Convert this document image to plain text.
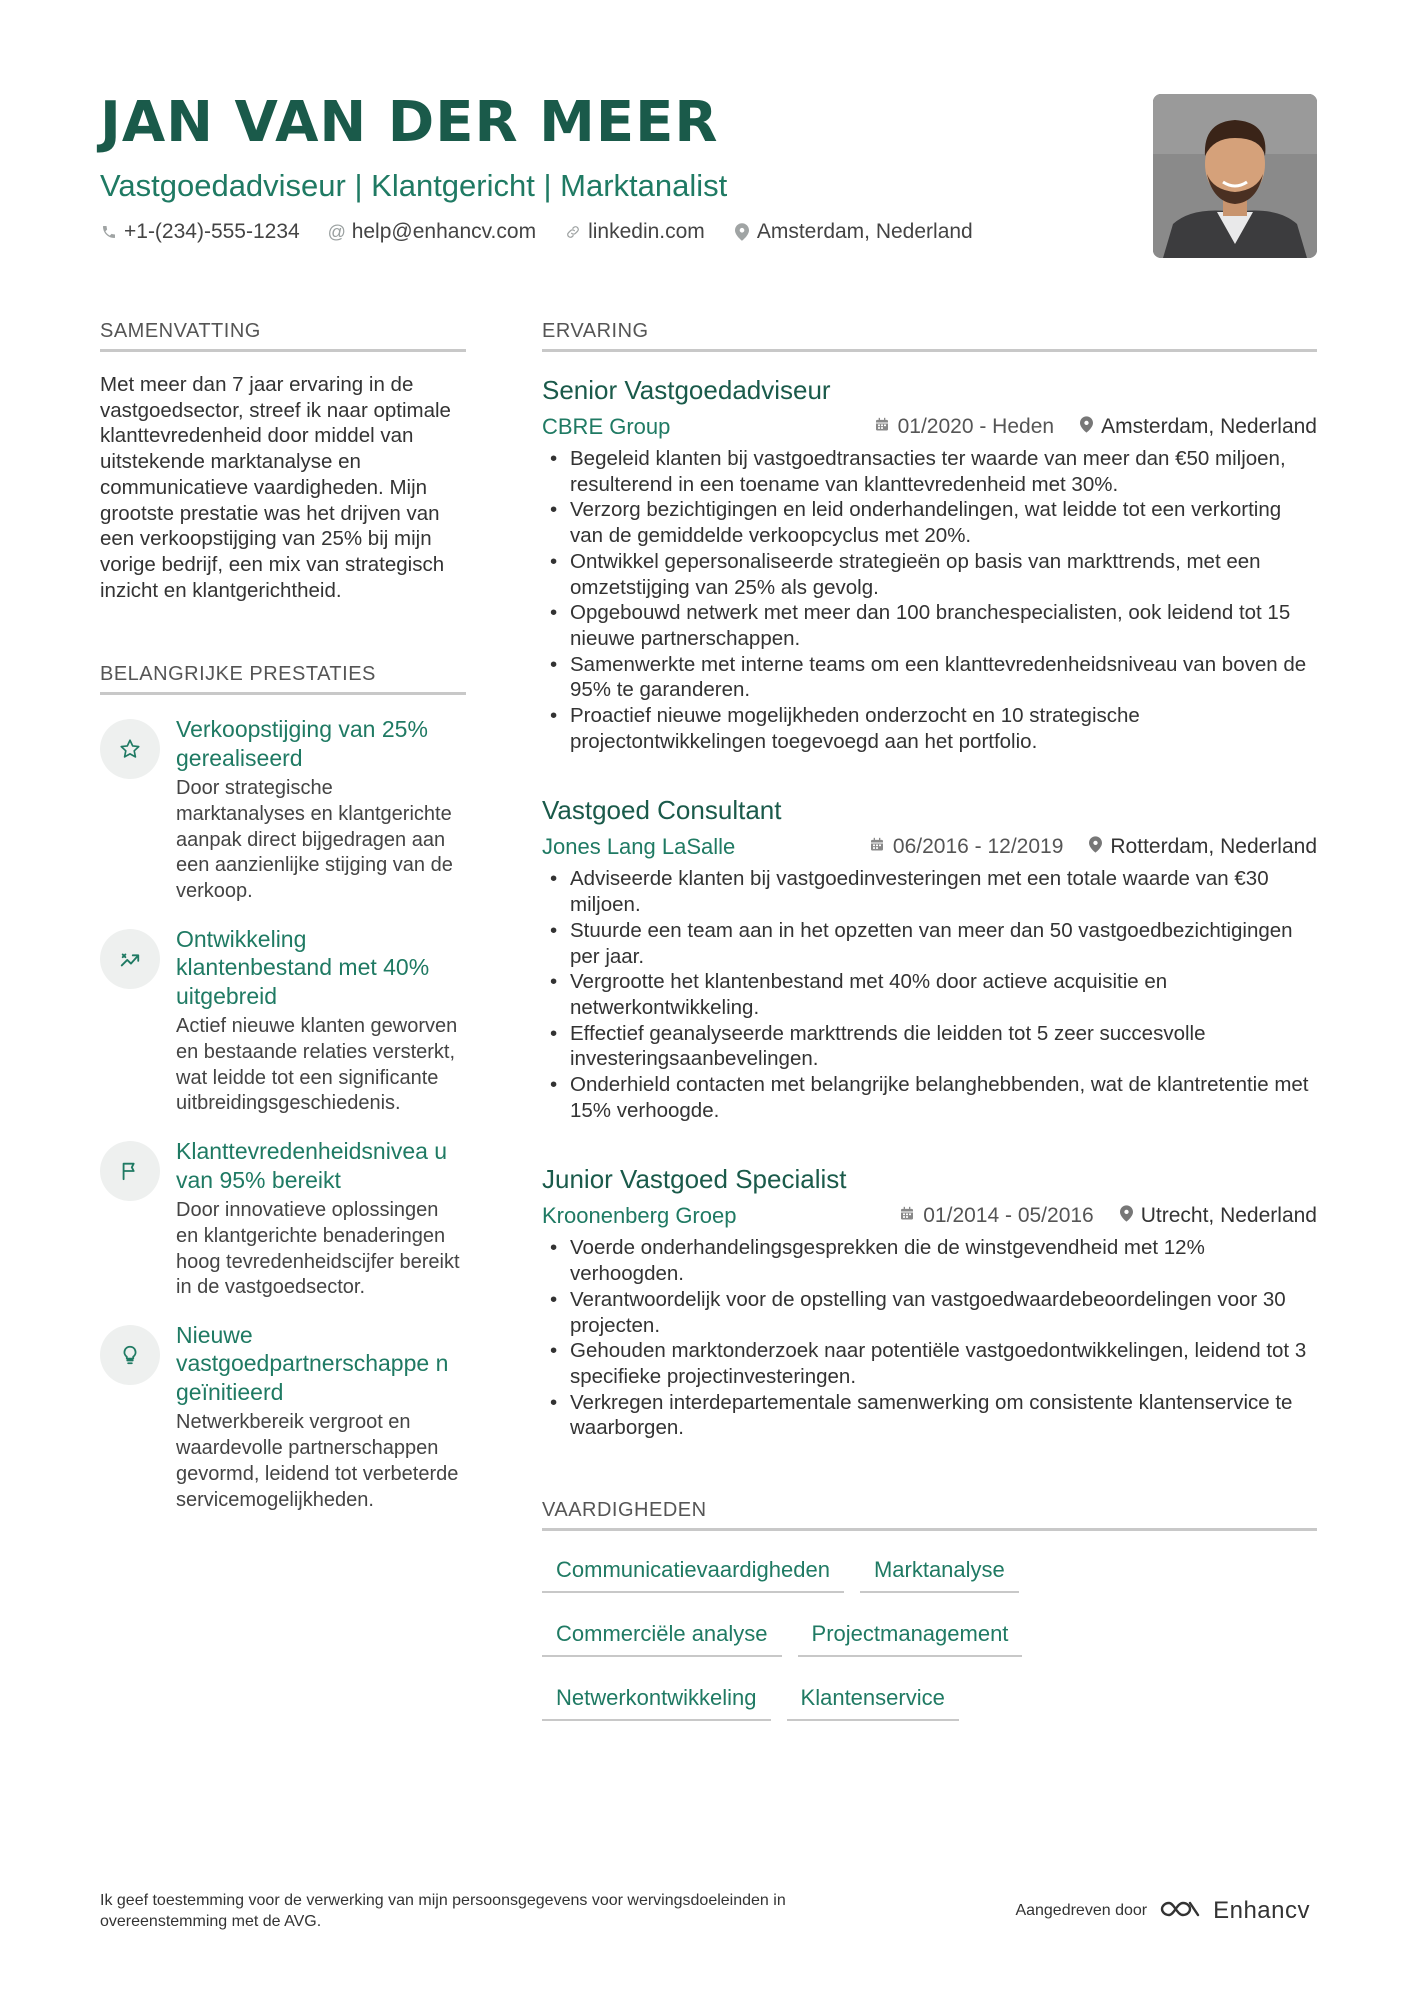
JAN VAN DER MEER
Vastgoedadviseur | Klantgericht | Marktanalist
+1-(234)-555-1234 @ help@enhancv.com linkedin.com Amsterdam, Nederland
SAMENVATTING

Met meer dan 7 jaar ervaring in de vastgoedsector, streef ik naar optimale klanttevredenheid door middel van uitstekende marktanalyse en communicatieve vaardigheden. Mijn grootste prestatie was het drijven van een verkoopstijging van 25% bij mijn vorige bedrijf, een mix van strategisch inzicht en klantgerichtheid.

BELANGRIJKE PRESTATIES
Verkoopstijging van 25% gerealiseerd
Door strategische marktanalyses en klantgerichte aanpak direct bijgedragen aan een aanzienlijke stijging van de verkoop.
Ontwikkeling klantenbestand met 40% uitgebreid
Actief nieuwe klanten geworven en bestaande relaties versterkt, wat leidde tot een significante uitbreidingsgeschiedenis.
Klanttevredenheidsnivea u van 95% bereikt
Door innovatieve oplossingen en klantgerichte benaderingen hoog tevredenheidscijfer bereikt in de vastgoedsector.
Nieuwe vastgoedpartnerschappe n geïnitieerd
Netwerkbereik vergroot en waardevolle partnerschappen gevormd, leidend tot verbeterde servicemogelijkheden.
ERVARING
Senior Vastgoedadviseur
CBRE Group	01/2020 - Heden Amsterdam, Nederland
• Begeleid klanten bij vastgoedtransacties ter waarde van meer dan €50 miljoen, resulterend in een toename van klanttevredenheid met 30%.
• Verzorg bezichtigingen en leid onderhandelingen, wat leidde tot een verkorting van de gemiddelde verkoopcyclus met 20%.
• Ontwikkel gepersonaliseerde strategieën op basis van markttrends, met een omzetstijging van 25% als gevolg.
• Opgebouwd netwerk met meer dan 100 branchespecialisten, ook leidend tot 15 nieuwe partnerschappen.
• Samenwerkte met interne teams om een klanttevredenheidsniveau van boven de 95% te garanderen.
• Proactief nieuwe mogelijkheden onderzocht en 10 strategische projectontwikkelingen toegevoegd aan het portfolio.
Vastgoed Consultant
Jones Lang LaSalle	06/2016 - 12/2019 Rotterdam, Nederland
• Adviseerde klanten bij vastgoedinvesteringen met een totale waarde van €30 miljoen.
• Stuurde een team aan in het opzetten van meer dan 50 vastgoedbezichtigingen per jaar.
• Vergrootte het klantenbestand met 40% door actieve acquisitie en netwerkontwikkeling.
• Effectief geanalyseerde markttrends die leidden tot 5 zeer succesvolle investeringsaanbevelingen.
• Onderhield contacten met belangrijke belanghebbenden, wat de klantretentie met 15% verhoogde.
Junior Vastgoed Specialist
Kroonenberg Groep	01/2014 - 05/2016 Utrecht, Nederland
• Voerde onderhandelingsgesprekken die de winstgevendheid met 12% verhoogden.
• Verantwoordelijk voor de opstelling van vastgoedwaardebeoordelingen voor 30 projecten.
• Gehouden marktonderzoek naar potentiële vastgoedontwikkelingen, leidend tot 3 specifieke projectinvesteringen.
• Verkregen interdepartementale samenwerking om consistente klantenservice te waarborgen.
VAARDIGHEDEN
Communicatievaardigheden	Marktanalyse
Commerciële analyse	Projectmanagement
Netwerkontwikkeling	Klantenservice
Ik geef toestemming voor de verwerking van mijn persoonsgegevens voor wervingsdoeleinden in overeenstemming met de AVG.
Aangedreven door	Enhancv
